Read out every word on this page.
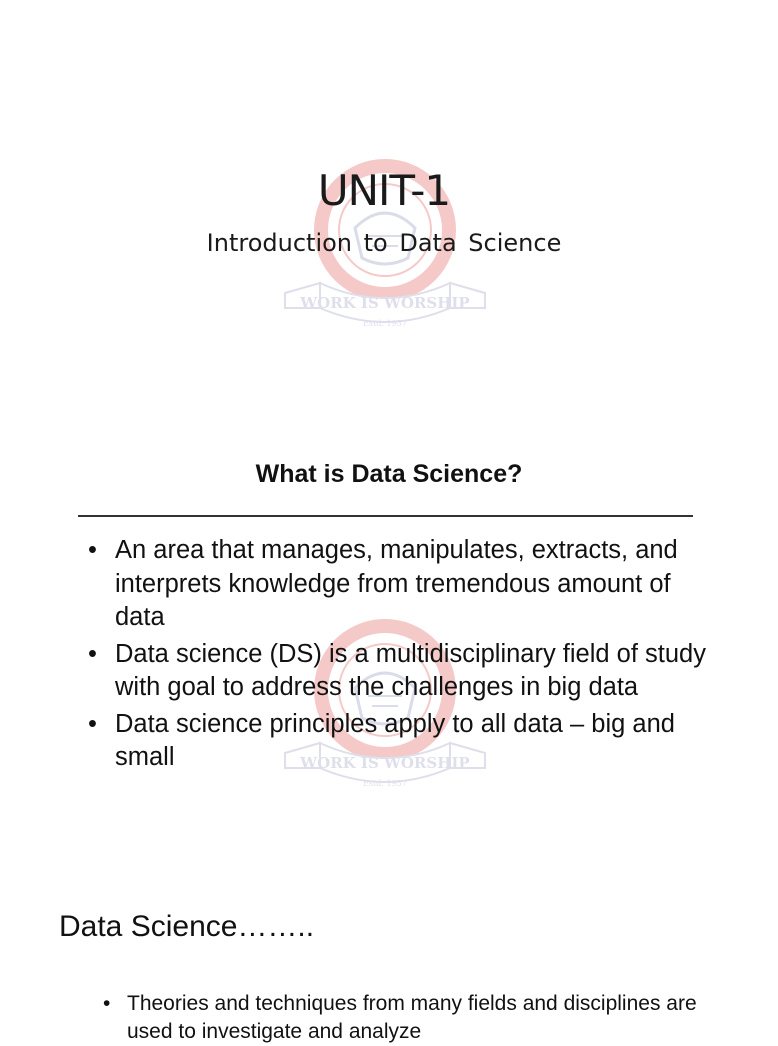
WORK IS WORSHIP
Estd. 1957
UNIT-1
Introduction to Data Science
WORK IS WORSHIP
Estd. 1957
What is Data Science?
• An area that manages, manipulates, extracts, and interprets knowledge from tremendous amount of data
• Data science (DS) is a multidisciplinary field of study with goal to address the challenges in big data
• Data science principles apply to all data – big and small
Data Science……..
• Theories and techniques from many fields and disciplines are used to investigate and analyze
